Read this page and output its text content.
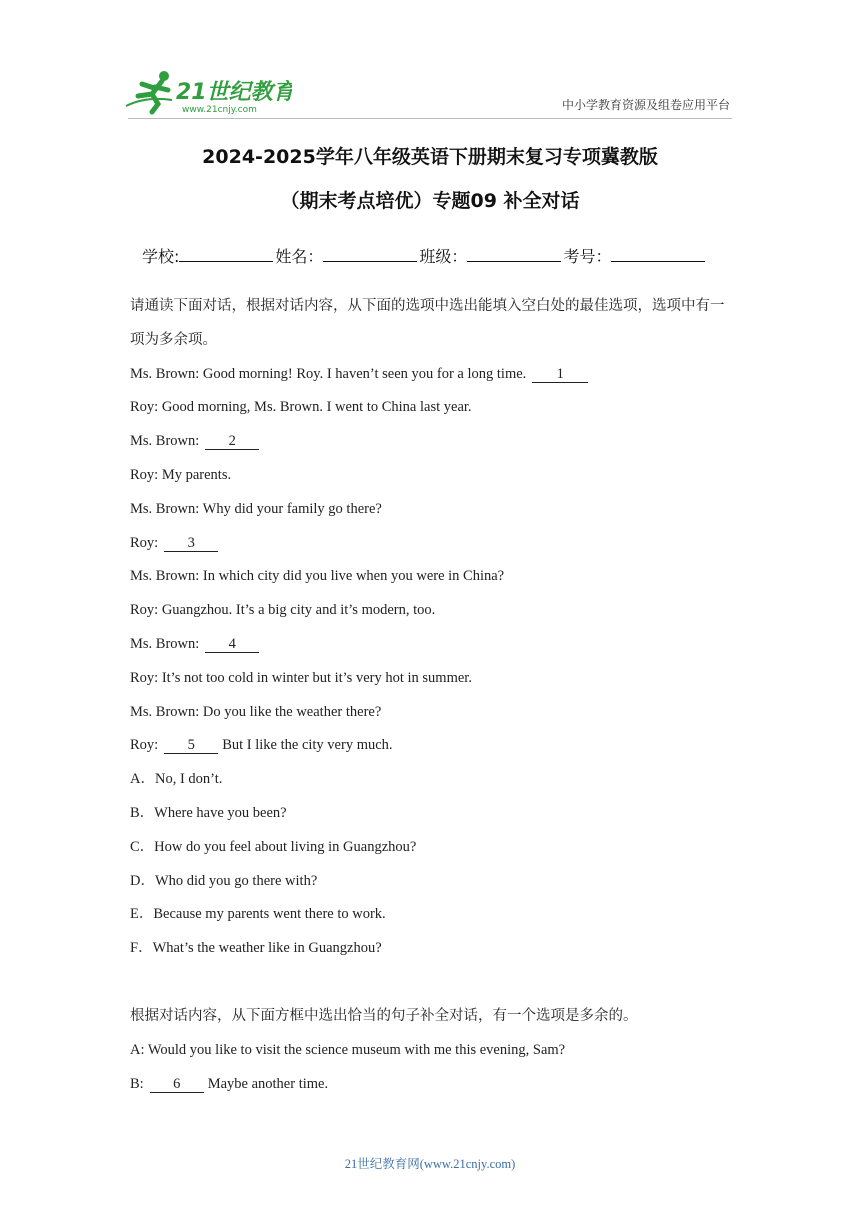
21世纪教育
www.21cnjy.com	中小学教育资源及组卷应用平台
2024-2025学年八年级英语下册期末复习专项冀教版
（期末考点培优）专题09 补全对话
学校:	姓名：	班级：	考号：

请通读下面对话，根据对话内容，从下面的选项中选出能填入空白处的最佳选项，选项中有一项为多余项。

Ms. Brown: Good morning! Roy. I haven’t seen you for a long time. 1

Roy: Good morning, Ms. Brown. I went to China last year.

Ms. Brown: 2

Roy: My parents.

Ms. Brown: Why did your family go there?

Roy: 3

Ms. Brown: In which city did you live when you were in China?

Roy: Guangzhou. It’s a big city and it’s modern, too.

Ms. Brown: 4

Roy: It’s not too cold in winter but it’s very hot in summer.

Ms. Brown: Do you like the weather there?

Roy: 5 But I like the city very much.

A．No, I don’t.

B．Where have you been?

C．How do you feel about living in Guangzhou?

D．Who did you go there with?

E．Because my parents went there to work.

F．What’s the weather like in Guangzhou?

根据对话内容，从下面方框中选出恰当的句子补全对话，有一个选项是多余的。

A: Would you like to visit the science museum with me this evening, Sam?

B: 6 Maybe another time.

21世纪教育网(www.21cnjy.com)
